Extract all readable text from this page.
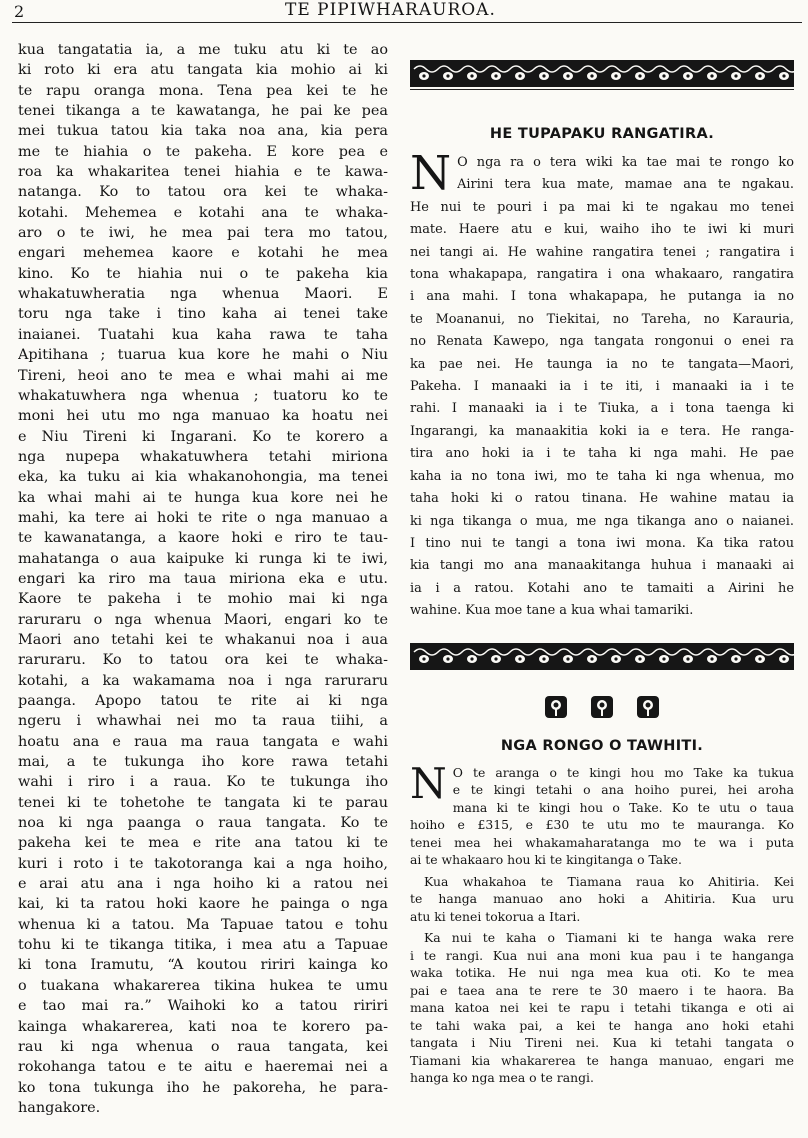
2	TE PIPIWHARAUROA.

kua tangatatia ia, a me tuku atu ki te ao
ki roto ki era atu tangata kia mohio ai ki
te rapu oranga mona. Tena pea kei te he
tenei tikanga a te kawatanga, he pai ke pea
mei tukua tatou kia taka noa ana, kia pera
me te hiahia o te pakeha. E kore pea e
roa ka whakaritea tenei hiahia e te kawa-
natanga. Ko to tatou ora kei te whaka-
kotahi. Mehemea e kotahi ana te whaka-
aro o te iwi, he mea pai tera mo tatou,
engari mehemea kaore e kotahi he mea
kino. Ko te hiahia nui o te pakeha kia
whakatuwheratia nga whenua Maori. E
toru nga take i tino kaha ai tenei take
inaianei. Tuatahi kua kaha rawa te taha
Apitihana ; tuarua kua kore he mahi o Niu
Tireni, heoi ano te mea e whai mahi ai me
whakatuwhera nga whenua ; tuatoru ko te
moni hei utu mo nga manuao ka hoatu nei
e Niu Tireni ki Ingarani. Ko te korero a
nga nupepa whakatuwhera tetahi miriona
eka, ka tuku ai kia whakanohongia, ma tenei
ka whai mahi ai te hunga kua kore nei he
mahi, ka tere ai hoki te rite o nga manuao a
te kawanatanga, a kaore hoki e riro te tau-
mahatanga o aua kaipuke ki runga ki te iwi,
engari ka riro ma taua miriona eka e utu.
Kaore te pakeha i te mohio mai ki nga
raruraru o nga whenua Maori, engari ko te
Maori ano tetahi kei te whakanui noa i aua
raruraru. Ko to tatou ora kei te whaka-
kotahi, a ka wakamama noa i nga raruraru
paanga. Apopo tatou te rite ai ki nga
ngeru i whawhai nei mo ta raua tiihi, a
hoatu ana e raua ma raua tangata e wahi
mai, a te tukunga iho kore rawa tetahi
wahi i riro i a raua. Ko te tukunga iho
tenei ki te tohetohe te tangata ki te parau
noa ki nga paanga o raua tangata. Ko te
pakeha kei te mea e rite ana tatou ki te
kuri i roto i te takotoranga kai a nga hoiho,
e arai atu ana i nga hoiho ki a ratou nei
kai, ki ta ratou hoki kaore he painga o nga
whenua ki a tatou. Ma Tapuae tatou e tohu
tohu ki te tikanga titika, i mea atu a Tapuae
ki tona Iramutu, “A koutou ririri kainga ko
o tuakana whakarerea tikina hukea te umu
e tao mai ra.” Waihoki ko a tatou ririri
kainga whakarerea, kati noa te korero pa-
rau ki nga whenua o raua tangata, kei
rokohanga tatou e te aitu e haeremai nei a
ko tona tukunga iho he pakoreha, he para-
hangakore.

HE TUPAPAKU RANGATIRA.
N O nga ra o tera wiki ka tae mai te rongo ko
Airini tera kua mate, mamae ana te ngakau.
He nui te pouri i pa mai ki te ngakau mo tenei
mate. Haere atu e kui, waiho iho te iwi ki muri
nei tangi ai. He wahine rangatira tenei ; rangatira i
tona whakapapa, rangatira i ona whakaaro, rangatira
i ana mahi. I tona whakapapa, he putanga ia no
te Moananui, no Tiekitai, no Tareha, no Karauria,
no Renata Kawepo, nga tangata rongonui o enei ra
ka pae nei. He taunga ia no te tangata—Maori,
Pakeha. I manaaki ia i te iti, i manaaki ia i te
rahi. I manaaki ia i te Tiuka, a i tona taenga ki
Ingarangi, ka manaakitia koki ia e tera. He ranga-
tira ano hoki ia i te taha ki nga mahi. He pae
kaha ia no tona iwi, mo te taha ki nga whenua, mo
taha hoki ki o ratou tinana. He wahine matau ia
ki nga tikanga o mua, me nga tikanga ano o naianei.
I tino nui te tangi a tona iwi mona. Ka tika ratou
kia tangi mo ana manaakitanga huhua i manaaki ai
ia i a ratou. Kotahi ano te tamaiti a Airini he
wahine. Kua moe tane a kua whai tamariki.
NGA RONGO O TAWHITI.
N O te aranga o te kingi hou mo Take ka tukua
e te kingi tetahi o ana hoiho purei, hei aroha
mana ki te kingi hou o Take. Ko te utu o taua
hoiho e £315, e £30 te utu mo te mauranga. Ko
tenei mea hei whakamaharatanga mo te wa i puta
ai te whakaaro hou ki te kingitanga o Take.
Kua whakahoa te Tiamana raua ko Ahitiria. Kei
te hanga manuao ano hoki a Ahitiria. Kua uru
atu ki tenei tokorua a Itari.
Ka nui te kaha o Tiamani ki te hanga waka rere
i te rangi. Kua nui ana moni kua pau i te hanganga
waka totika. He nui nga mea kua oti. Ko te mea
pai e taea ana te rere te 30 maero i te haora. Ba
mana katoa nei kei te rapu i tetahi tikanga e oti ai
te tahi waka pai, a kei te hanga ano hoki etahi
tangata i Niu Tireni nei. Kua ki tetahi tangata o
Tiamani kia whakarerea te hanga manuao, engari me
hanga ko nga mea o te rangi.
